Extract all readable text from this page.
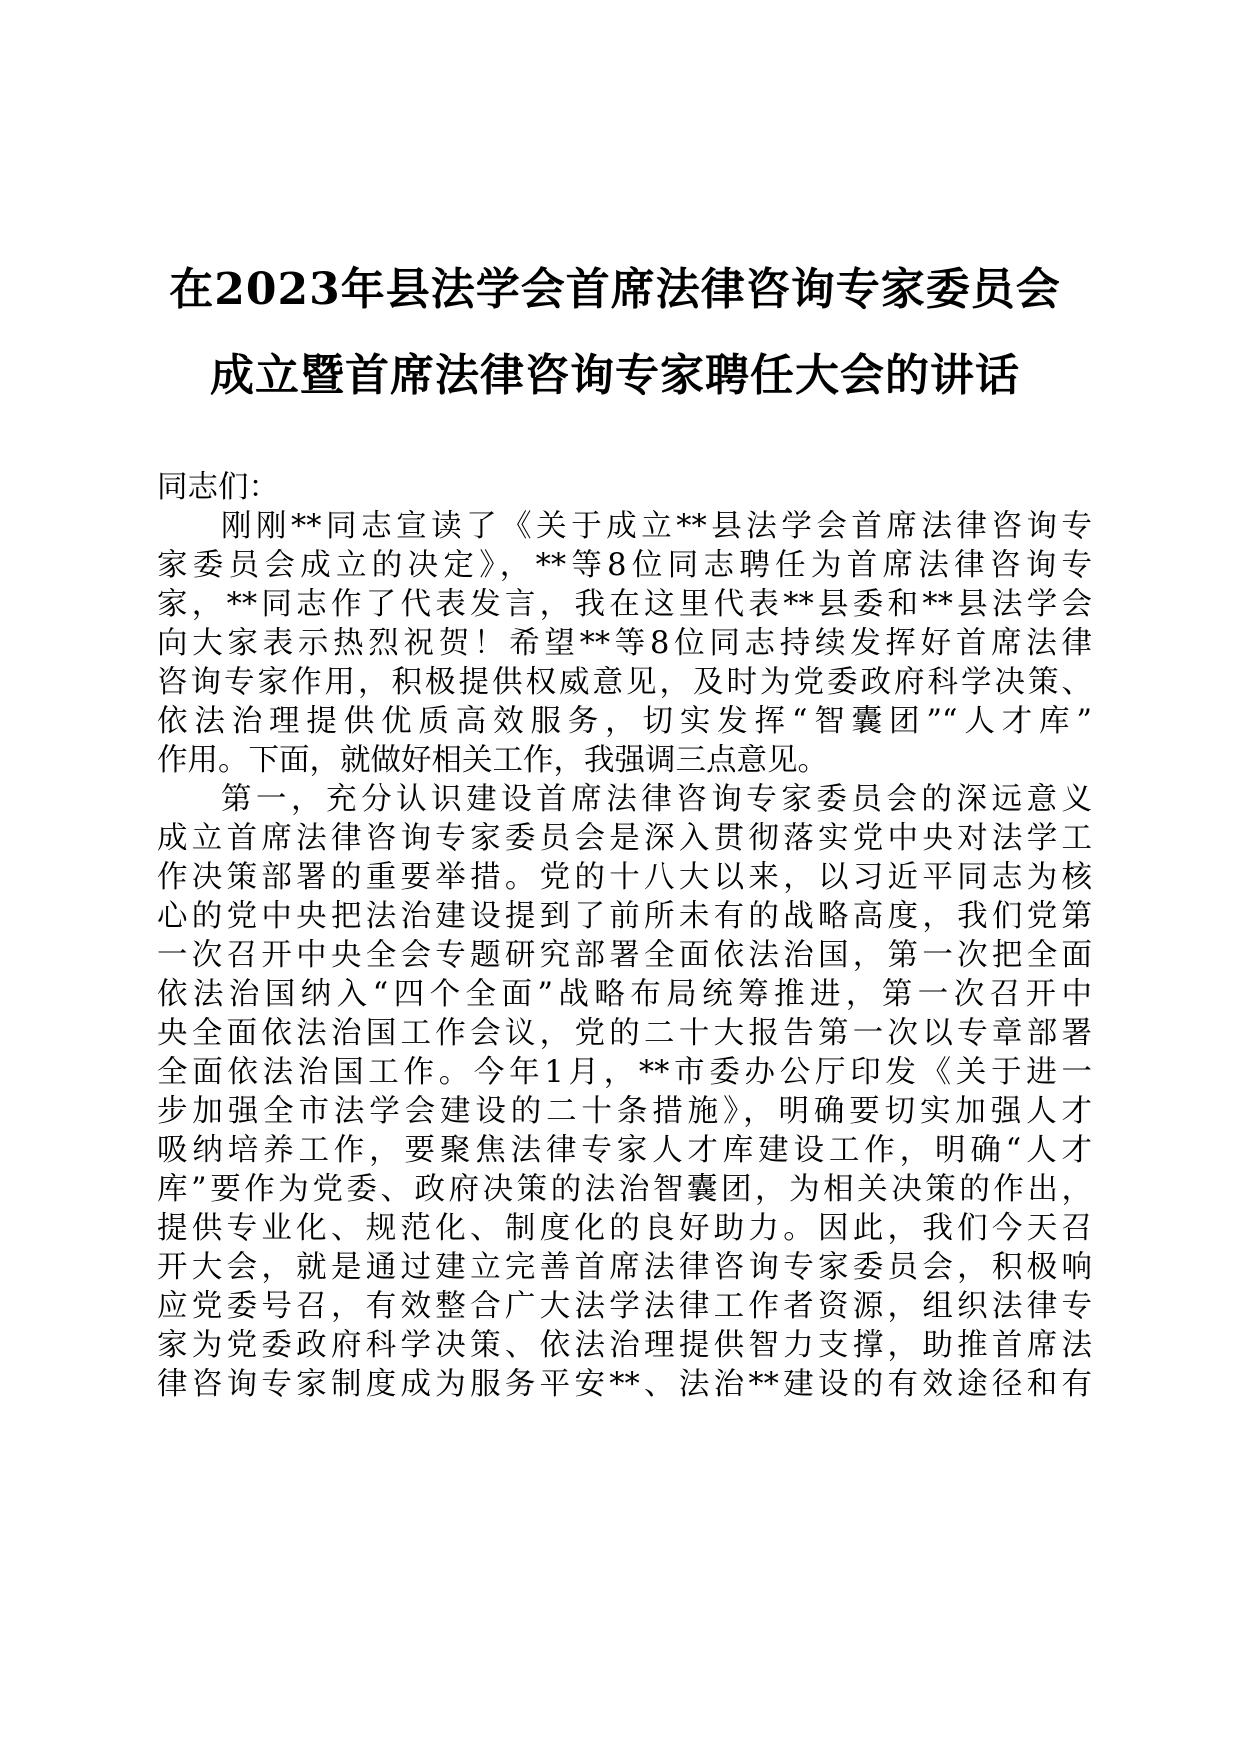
在2023年县法学会首席法律咨询专家委员会
成立暨首席法律咨询专家聘任大会的讲话
同志们：
刚刚**同志宣读了《关于成立**县法学会首席法律咨询专
家委员会成立的决定》，**等8位同志聘任为首席法律咨询专
家，**同志作了代表发言，我在这里代表**县委和**县法学会
向大家表示热烈祝贺！希望**等8位同志持续发挥好首席法律
咨询专家作用，积极提供权威意见，及时为党委政府科学决策、
依法治理提供优质高效服务，切实发挥“智囊团”“人才库”
作用。下面，就做好相关工作，我强调三点意见。
第一，充分认识建设首席法律咨询专家委员会的深远意义
成立首席法律咨询专家委员会是深入贯彻落实党中央对法学工
作决策部署的重要举措。党的十八大以来，以习近平同志为核
心的党中央把法治建设提到了前所未有的战略高度，我们党第
一次召开中央全会专题研究部署全面依法治国，第一次把全面
依法治国纳入“四个全面”战略布局统筹推进，第一次召开中
央全面依法治国工作会议，党的二十大报告第一次以专章部署
全面依法治国工作。今年1月，**市委办公厅印发《关于进一
步加强全市法学会建设的二十条措施》，明确要切实加强人才
吸纳培养工作，要聚焦法律专家人才库建设工作，明确“人才
库”要作为党委、政府决策的法治智囊团，为相关决策的作出，
提供专业化、规范化、制度化的良好助力。因此，我们今天召
开大会，就是通过建立完善首席法律咨询专家委员会，积极响
应党委号召，有效整合广大法学法律工作者资源，组织法律专
家为党委政府科学决策、依法治理提供智力支撑，助推首席法
律咨询专家制度成为服务平安**、法治**建设的有效途径和有
